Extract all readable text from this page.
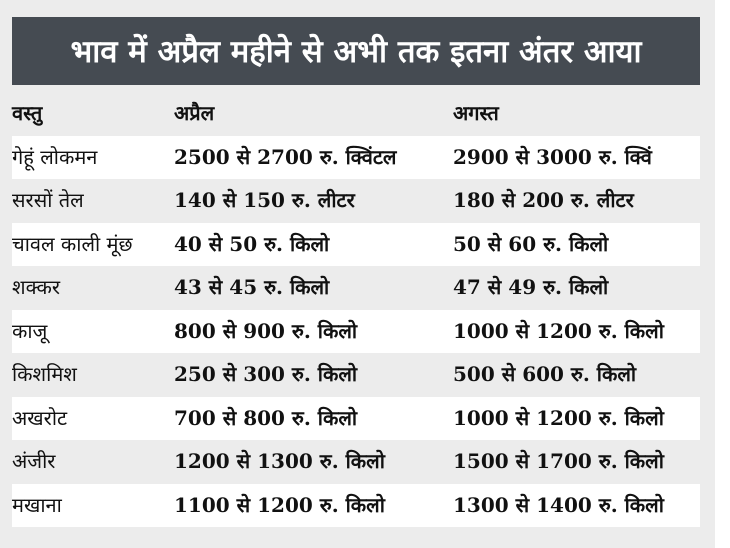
भाव में अप्रैल महीने से अभी तक इतना अंतर आया
वस्तु	अप्रैल	अगस्त
गेहूं लोकमन	2500 से 2700 रु. क्विंटल	2900 से 3000 रु. क्विं
सरसों तेल	140 से 150 रु. लीटर	180 से 200 रु. लीटर
चावल काली मूंछ 40 से 50 रु. किलो	50 से 60 रु. किलो
शक्कर	43 से 45 रु. किलो	47 से 49 रु. किलो
काजू	800 से 900 रु. किलो	1000 से 1200 रु. किलो
किशमिश	250 से 300 रु. किलो	500 से 600 रु. किलो
अखरोट	700 से 800 रु. किलो	1000 से 1200 रु. किलो
अंजीर	1200 से 1300 रु. किलो	1500 से 1700 रु. किलो
मखाना	1100 से 1200 रु. किलो	1300 से 1400 रु. किलो
